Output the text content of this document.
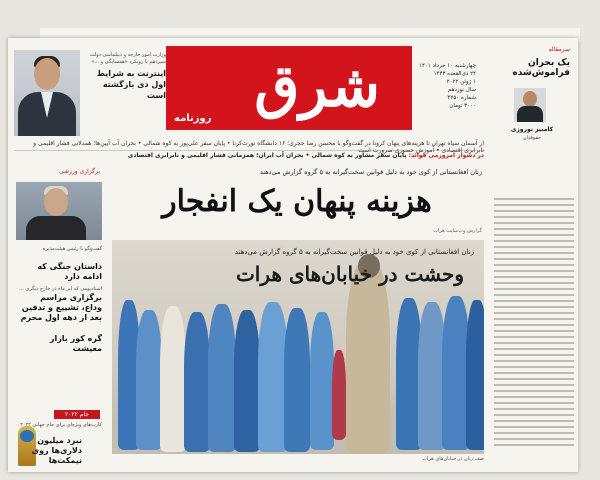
وزارت امور خارجه و دیپلماسی دولت سیزدهم با رویکرد «همسایگی و ...»
اینترنت به شرایط اول دی بازگشته است شرق
روزنامه
چهارشنبه ۱۰ خرداد ۱۴۰۱
۲۴ ذی‌القعده ۱۴۴۳
۱ ژوئن ۲۰۲۲
سال نوزدهم
شماره ۴۲۵۰
۳۰۰۰ تومان
از آسمان سیاه تهران تا هزینه‌های پنهان کرونا در گفت‌وگو با محسن رضا حجری؛ ۱۶ دانشگاه نورث‌کرنا • پایان سفر علی‌پور به کوه شمالی • بحران آب آیین‌ها؛ همدلانی فشار اقلیمی و نابرابری اقتصادی • آموزش حضوری ضرورت است
در دشوار امروزمی فوائد: پایان سفر مشاور به کوه شمالی • بحران آب ایران؛ همزمانی فشار اقلیمی و نابرابری اقتصادی
سرمقاله
یک بحران فراموش‌شده
کامبیز نوروزی
حقوقدان
برگزاری ورزشی
گفت‌وگو با رئیس هیئت‌مدیره
داستان جنگی که ادامه دارد
استادیومی که ابر ماه در خارج دیگری ...
برگزاری مراسم وداع، تشییع و تدفین بعد از دهه اول محرم
گره کور بازار معیشت
جام ۲۰۲۲
کارت‌های ویژه‌ای برای جام جهانی ۲۰۲۲
نبرد میلیون دلاری‌ها روی نیمکت‌ها
زنان افغانستانی از کوی خود به دلیل قوانین سخت‌گیرانه به ۵ گروه گزارش می‌دهند
هزینه پنهان یک انفجار
گزارش وب‌سایت هرات
زنان افغانستانی از کوی خود به دلیل قوانین سخت‌گیرانه به ۵ گروه گزارش می‌دهند
وحشت در خیابان‌های هرات
صف زنان در خیابان‌های هرات
